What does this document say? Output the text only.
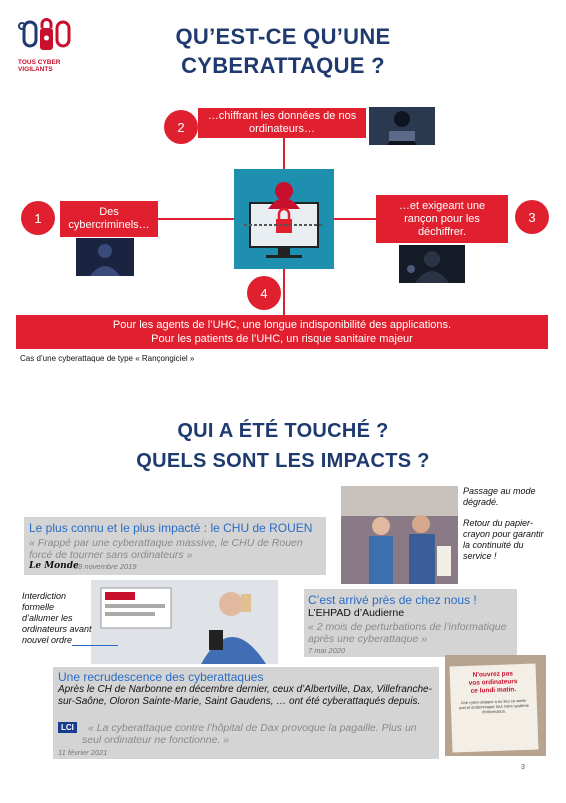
TOUS CYBER VIGILANTS
QU’EST-CE QU’UNE
CYBERATTAQUE ?
2
…chiffrant les données de nos ordinateurs…
1	Des cybercriminels…
…et exigeant une rançon pour les déchiffrer.
3
4
Pour les agents de l’UHC, une longue indisponibilité des applications.
Pour les patients de l’UHC, un risque sanitaire majeur
Cas d’une cyberattaque de type « Rançongiciel »
QUI A ÉTÉ TOUCHÉ ?
QUELS SONT LES IMPACTS ?
Passage au mode dégradé.
Retour du papier-crayon pour garantir la continuité du service !
Le plus connu et le plus impacté : le CHU de ROUEN
« Frappé par une cyberattaque massive, le CHU de Rouen forcé de tourner sans ordinateurs »
Le Monde
18 novembre 2019
Interdiction formelle d’allumer les ordinateurs avant nouvel ordre
C’est arrivé près de chez nous !
L’EHPAD d’Audierne
« 2 mois de perturbations de l’informatique après une cyberattaque »
7 mai 2020
Une recrudescence des cyberattaques
Après le CH de Narbonne en décembre dernier, ceux d’Albertville, Dax, Villefranche-sur-Saône, Oloron Sainte-Marie, Saint Gaudens, … ont été cyberattaqués depuis.
LCI	« La cyberattaque contre l’hôpital de Dax provoque la pagaille. Plus un seul ordinateur ne fonctionne. »
11 février 2021
N'ouvrez pas
vos ordinateurs
ce lundi matin.
Une cyber-attaque a eu lieu ce week-end et endommager tout notre système d'information.
3
